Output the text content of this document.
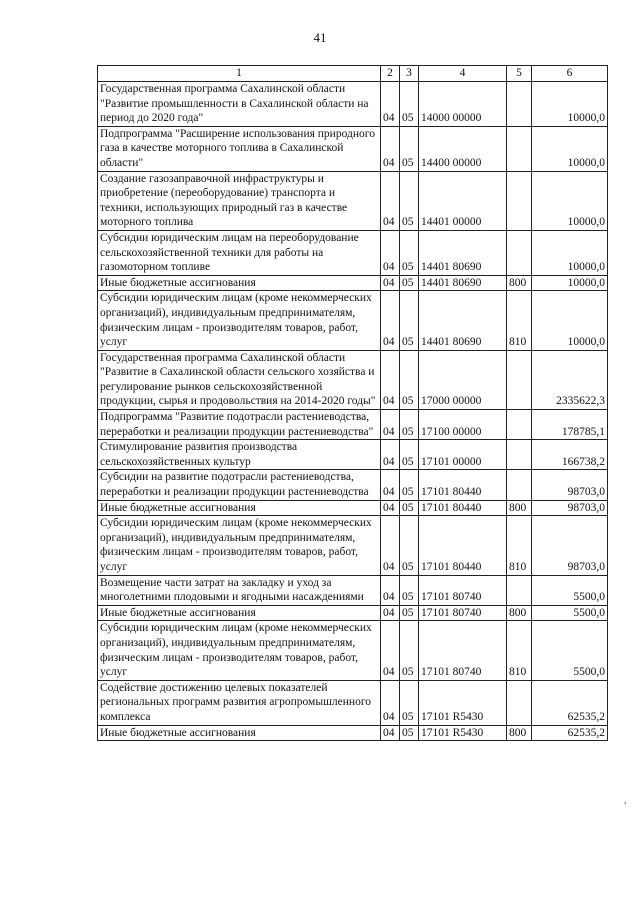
41
1	2	3	4	5	6
Государственная программа Сахалинской области "Развитие промышленности в Сахалинской области на период до 2020 года"	04	05	14000 00000		10000,0
Подпрограмма "Расширение использования природного газа в качестве моторного топлива в Сахалинской области"	04	05	14400 00000		10000,0
Создание газозаправочной инфраструктуры и приобретение (переоборудование) транспорта и техники, использующих природный газ в качестве моторного топлива	04	05	14401 00000		10000,0
Субсидии юридическим лицам на переоборудование сельскохозяйственной техники для работы на газомоторном топливе	04	05	14401 80690		10000,0
Иные бюджетные ассигнования	04	05	14401 80690	800	10000,0
Субсидии юридическим лицам (кроме некоммерческих организаций), индивидуальным предпринимателям, физическим лицам - производителям товаров, работ, услуг	04	05	14401 80690	810	10000,0
Государственная программа Сахалинской области "Развитие в Сахалинской области сельского хозяйства и регулирование рынков сельскохозяйственной продукции, сырья и продовольствия на 2014-2020 годы"	04	05	17000 00000		2335622,3
Подпрограмма "Развитие подотрасли растениеводства, переработки и реализации продукции растениеводства"	04	05	17100 00000		178785,1
Стимулирование развития производства сельскохозяйственных культур	04	05	17101 00000		166738,2
Субсидии на развитие подотрасли растениеводства, переработки и реализации продукции растениеводства	04	05	17101 80440		98703,0
Иные бюджетные ассигнования	04	05	17101 80440	800	98703,0
Субсидии юридическим лицам (кроме некоммерческих организаций), индивидуальным предпринимателям, физическим лицам - производителям товаров, работ, услуг	04	05	17101 80440	810	98703,0
Возмещение части затрат на закладку и уход за многолетними плодовыми и ягодными насаждениями	04	05	17101 80740		5500,0
Иные бюджетные ассигнования	04	05	17101 80740	800	5500,0
Субсидии юридическим лицам (кроме некоммерческих организаций), индивидуальным предпринимателям, физическим лицам - производителям товаров, работ, услуг	04	05	17101 80740	810	5500,0
Содействие достижению целевых показателей региональных программ развития агропромышленного комплекса	04	05	17101 R5430		62535,2
Иные бюджетные ассигнования	04	05	17101 R5430	800	62535,2
,
